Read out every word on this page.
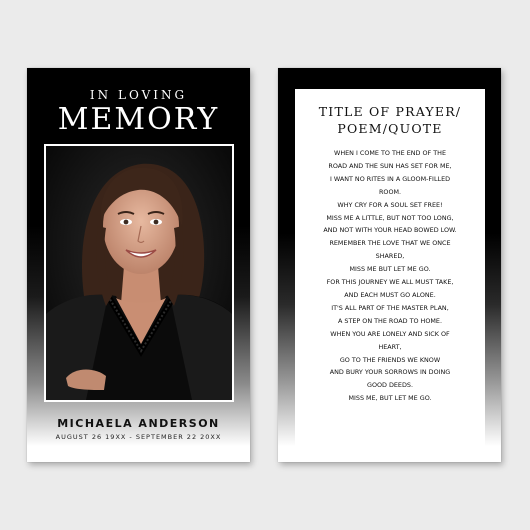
IN LOVING
MEMORY
MICHAELA ANDERSON
AUGUST 26 19XX - SEPTEMBER 22 20XX
TITLE OF PRAYER/
POEM/QUOTE
WHEN I COME TO THE END OF THE
ROAD AND THE SUN HAS SET FOR ME,
I WANT NO RITES IN A GLOOM-FILLED
ROOM.
WHY CRY FOR A SOUL SET FREE!
MISS ME A LITTLE, BUT NOT TOO LONG,
AND NOT WITH YOUR HEAD BOWED LOW.
REMEMBER THE LOVE THAT WE ONCE
SHARED,
MISS ME BUT LET ME GO.
FOR THIS JOURNEY WE ALL MUST TAKE,
AND EACH MUST GO ALONE.
IT'S ALL PART OF THE MASTER PLAN,
A STEP ON THE ROAD TO HOME.
WHEN YOU ARE LONELY AND SICK OF
HEART,
GO TO THE FRIENDS WE KNOW
AND BURY YOUR SORROWS IN DOING
GOOD DEEDS.
MISS ME, BUT LET ME GO.
